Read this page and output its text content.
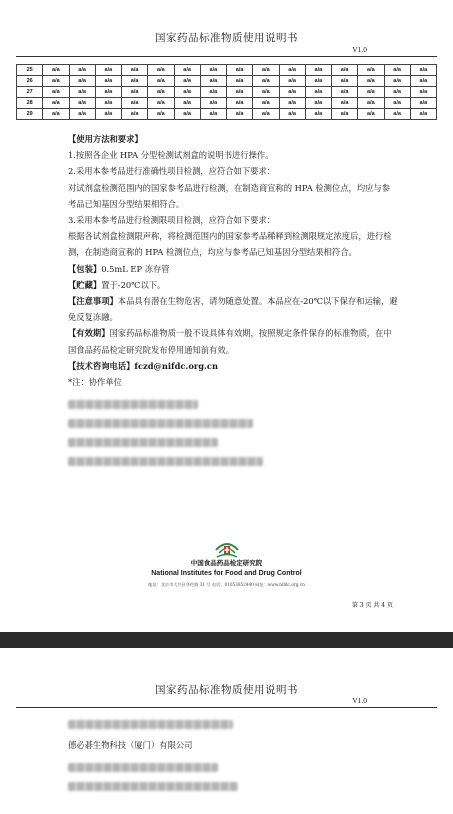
国家药品标准物质使用说明书
V1.0
25	a/a	a/a	a/a	a/a	a/a	a/a	a/a	a/a	a/a	a/a	a/a	a/a	a/a	a/a	a/a
26	a/a	a/a	a/a	a/a	a/a	a/a	a/a	a/a	a/a	a/a	a/a	a/a	a/a	a/a	a/a
27	a/a	a/a	a/a	a/a	a/a	a/a	a/a	a/a	a/a	a/a	a/a	a/a	a/a	a/a	a/a
28	a/a	a/a	a/a	a/a	a/a	a/a	a/a	a/a	a/a	a/a	a/a	a/a	a/a	a/a	a/a
29	a/a	a/a	a/a	a/a	a/a	a/a	a/a	a/a	a/a	a/a	a/a	a/a	a/a	a/a	a/a

【使用方法和要求】

1.按照各企业 HPA 分型检测试剂盒的说明书进行操作。

2.采用本参考品进行准确性项目检测，应符合如下要求：

对试剂盒检测范围内的国家参考品进行检测，在制造商宣称的 HPA 检测位点，均应与参考品已知基因分型结果相符合。

3.采用本参考品进行检测限项目检测，应符合如下要求：

根据各试剂盒检测限声称，将检测范围内的国家参考品稀释到检测限规定浓度后，进行检测，在制造商宣称的 HPA 检测位点，均应与参考品已知基因分型结果相符合。

【包装】0.5mL EP 冻存管

【贮藏】置于-20℃以下。

【注意事项】本品具有潜在生物危害，请勿随意处置。本品应在-20℃以下保存和运输，避免反复冻融。

【有效期】国家药品标准物质一般不设具体有效期，按照规定条件保存的标准物质，在中国食品药品检定研究院发布停用通知前有效。

【技术咨询电话】fczd@nifdc.org.cn

*注：协作单位

中国食品药品检定研究院
National Institutes for Food and Drug Control
地址：北京市大兴区华佗路 31 号 电话：01053852440 网址：www.nifdc.org.cn
第 3 页 共 4 页
国家药品标准物质使用说明书
V1.0

德必碁生物科技（厦门）有限公司
